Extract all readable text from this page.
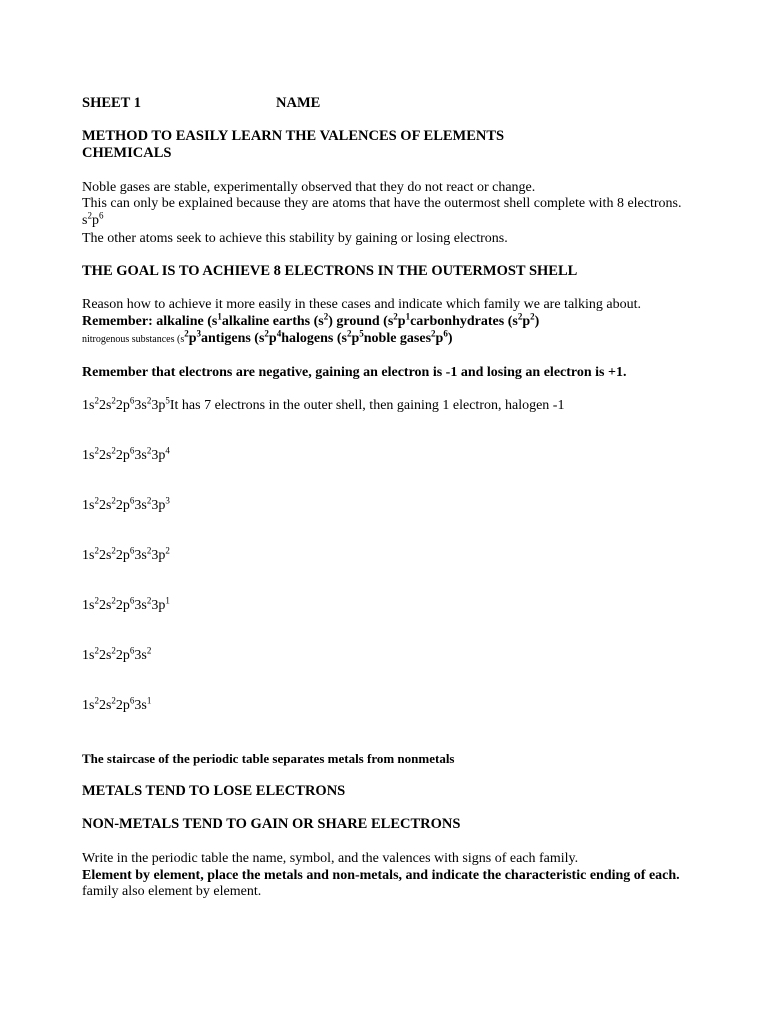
SHEET 1	NAME
METHOD TO EASILY LEARN THE VALENCES OF ELEMENTS
CHEMICALS
Noble gases are stable, experimentally observed that they do not react or change.
This can only be explained because they are atoms that have the outermost shell complete with 8 electrons.
$s^2p^6$
The other atoms seek to achieve this stability by gaining or losing electrons.
THE GOAL IS TO ACHIEVE 8 ELECTRONS IN THE OUTERMOST SHELL
Reason how to achieve it more easily in these cases and indicate which family we are talking about.
Remember: alkaline ($s^1alkaline$ earths $(s^2)$ ground ($s^2p^1carbonhydrates$ $(s^2p^2)$
nitrogenous substances ($s^2p^3antigens$ ($s^2p^4halogens$ ($s^2p^5noble$ $gases^2p^6$)
Remember that electrons are negative, gaining an electron is -1 and losing an electron is +1.
$1s^22s^22p^63s^23p^5It$ has 7 electrons in the outer shell, then gaining 1 electron, halogen -1
$1s^22s^22p^63s^23p^4$
$1s^22s^22p^63s^23p^3$
$1s^22s^22p^63s^23p^2$
$1s^22s^22p^63s^23p^1$
$1s^22s^22p^63s^2$
$1s^22s^22p^63s^1$
The staircase of the periodic table separates metals from nonmetals
METALS TEND TO LOSE ELECTRONS
NON-METALS TEND TO GAIN OR SHARE ELECTRONS
Write in the periodic table the name, symbol, and the valences with signs of each family.
Element by element, place the metals and non-metals, and indicate the characteristic ending of each.
family also element by element.
